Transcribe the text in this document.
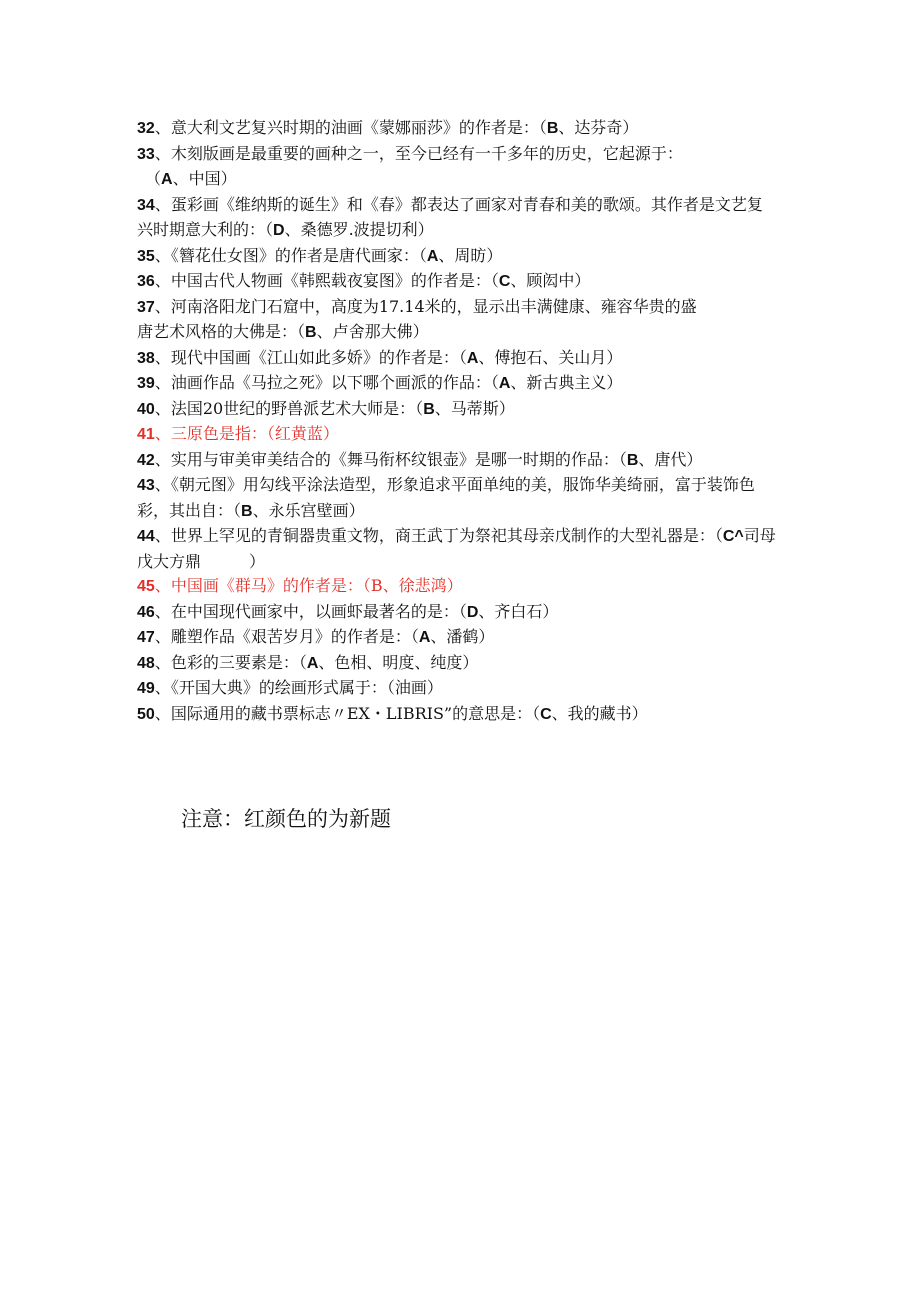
32、意大利文艺复兴时期的油画《蒙娜丽莎》的作者是：（B、达芬奇）

33、木刻版画是最重要的画种之一，至今已经有一千多年的历史，它起源于：
　（A、中国）

34、蛋彩画《维纳斯的诞生》和《春》都表达了画家对青春和美的歌颂。其作者是文艺复兴时期意大利的：（D、桑德罗.波提切利）

35、《簪花仕女图》的作者是唐代画家：（A、周昉）

36、中国古代人物画《韩熙载夜宴图》的作者是：（C、顾闳中）

37、河南洛阳龙门石窟中，高度为17.14米的，显示出丰满健康、雍容华贵的盛
唐艺术风格的大佛是：（B、卢舍那大佛）

38、现代中国画《江山如此多娇》的作者是：（A、傅抱石、关山月）

39、油画作品《马拉之死》以下哪个画派的作品：（A、新古典主义）

40、法国20世纪的野兽派艺术大师是：（B、马蒂斯）

41、三原色是指：（红黄蓝）

42、实用与审美审美结合的《舞马衔杯纹银壶》是哪一时期的作品：（B、唐代）

43、《朝元图》用勾线平涂法造型，形象追求平面单纯的美，服饰华美绮丽，富于装饰色彩，其出自：（B、永乐宫壁画）

44、世界上罕见的青铜器贵重文物，商王武丁为祭祀其母亲戊制作的大型礼器是：（C^司母戊大方鼎　　　）

45、中国画《群马》的作者是：（B、徐悲鸿）

46、在中国现代画家中，以画虾最著名的是：（D、齐白石）

47、雕塑作品《艰苦岁月》的作者是：（A、潘鹤）

48、色彩的三要素是：（A、色相、明度、纯度）

49、《开国大典》的绘画形式属于：（油画）

50、国际通用的藏书票标志〃EX・LIBRIS”的意思是：（C、我的藏书）

注意：红颜色的为新题
